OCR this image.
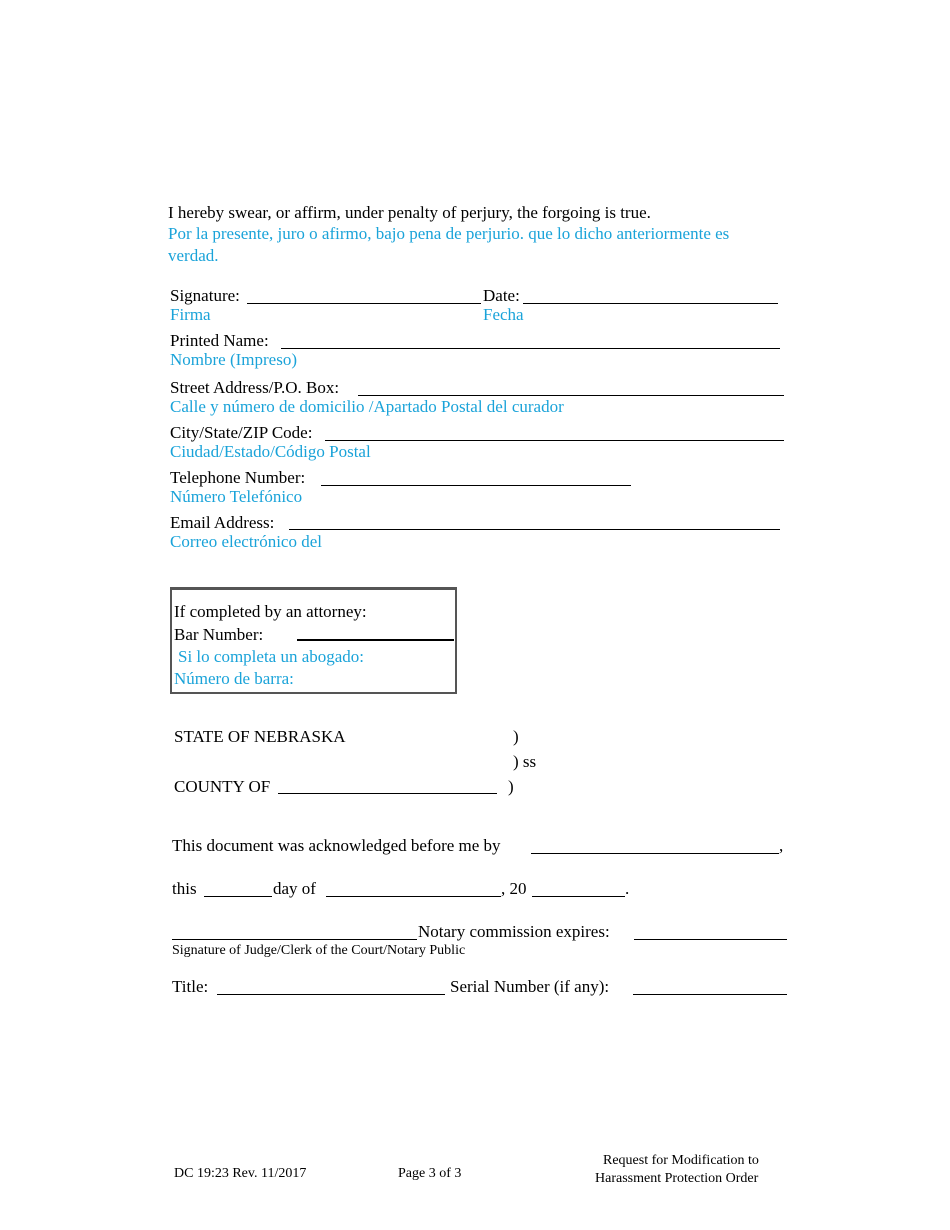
I hereby swear, or affirm, under penalty of perjury, the forgoing is true.
Por la presente, juro o afirmo, bajo pena de perjurio. que lo dicho anteriormente es
verdad.
Signature:
Firma
Date:
Fecha
Printed Name:
Nombre (Impreso)
Street Address/P.O. Box:
Calle y número de domicilio /Apartado Postal del curador
City/State/ZIP Code:
Ciudad/Estado/Código Postal
Telephone Number:
Número Telefónico
Email Address:
Correo electrónico del
If completed by an attorney:
Bar Number:
Si lo completa un abogado:
Número de barra:
STATE OF NEBRASKA	)
) ss
COUNTY OF	)
This document was acknowledged before me by	,
this	day of	, 20	.
Notary commission expires:
Signature of Judge/Clerk of the Court/Notary Public
Title:	Serial Number (if any):
DC 19:23 Rev. 11/2017	Page 3 of 3
Request for Modification to
Harassment Protection Order
